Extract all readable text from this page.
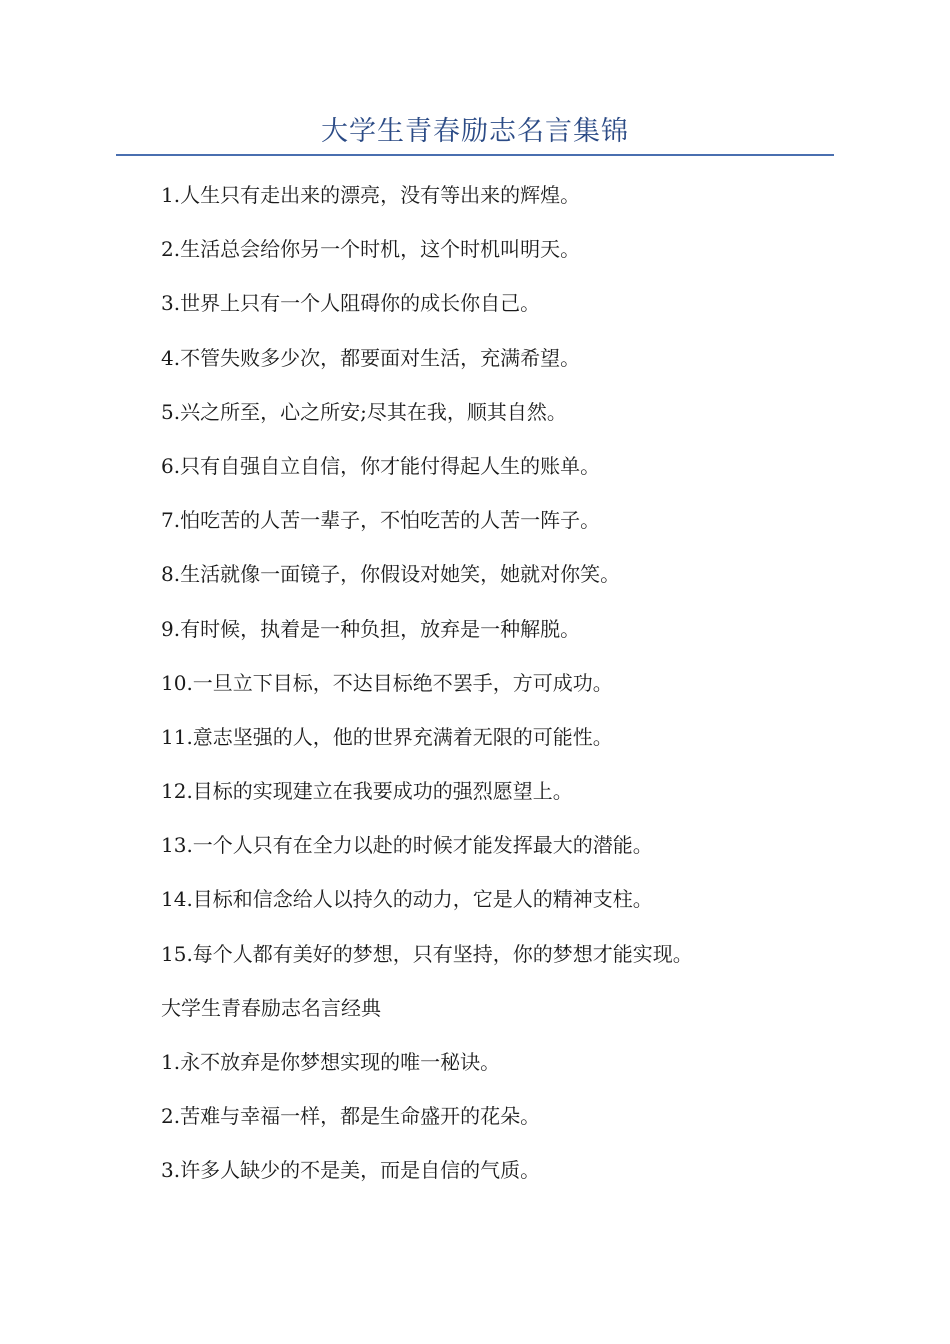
大学生青春励志名言集锦
1.人生只有走出来的漂亮，没有等出来的辉煌。
2.生活总会给你另一个时机，这个时机叫明天。
3.世界上只有一个人阻碍你的成长你自己。
4.不管失败多少次，都要面对生活，充满希望。
5.兴之所至，心之所安;尽其在我，顺其自然。
6.只有自强自立自信，你才能付得起人生的账单。
7.怕吃苦的人苦一辈子，不怕吃苦的人苦一阵子。
8.生活就像一面镜子，你假设对她笑，她就对你笑。
9.有时候，执着是一种负担，放弃是一种解脱。
10.一旦立下目标，不达目标绝不罢手，方可成功。
11.意志坚强的人，他的世界充满着无限的可能性。
12.目标的实现建立在我要成功的强烈愿望上。
13.一个人只有在全力以赴的时候才能发挥最大的潜能。
14.目标和信念给人以持久的动力，它是人的精神支柱。
15.每个人都有美好的梦想，只有坚持，你的梦想才能实现。
大学生青春励志名言经典
1.永不放弃是你梦想实现的唯一秘诀。
2.苦难与幸福一样，都是生命盛开的花朵。
3.许多人缺少的不是美，而是自信的气质。
